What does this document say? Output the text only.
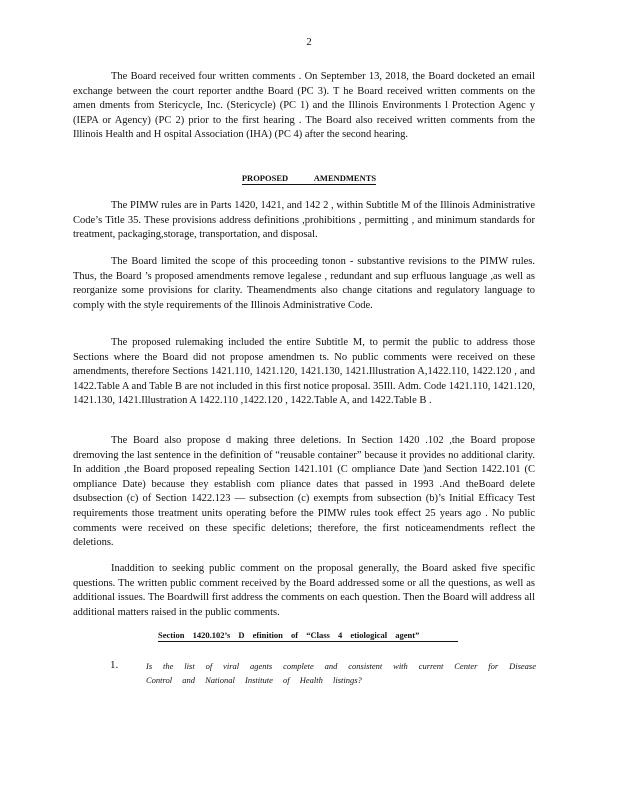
2

The Board received four written comments . On September 13, 2018, the Board docketed an email exchange between the court reporter andthe Board (PC 3). T he Board received written comments on the amen dments from Stericycle, Inc. (Stericycle) (PC 1) and the Illinois Environments l Protection Agenc y (IEPA or Agency) (PC 2) prior to the first hearing . The Board also received written comments from the Illinois Health and H ospital Association (IHA) (PC 4) after the second hearing.

PROPOSED AMENDMENTS

The PIMW rules are in Parts 1420, 1421, and 142 2 , within Subtitle M of the Illinois Administrative Code’s Title 35. These provisions address definitions ,prohibitions , permitting , and minimum standards for treatment, packaging,storage, transportation, and disposal.

The Board limited the scope of this proceeding tonon - substantive revisions to the PIMW rules. Thus, the Board ’s proposed amendments remove legalese , redundant and sup erfluous language ,as well as reorganize some provisions for clarity. Theamendments also change citations and regulatory language to comply with the style requirements of the Illinois Administrative Code.

The proposed rulemaking included the entire Subtitle M, to permit the public to address those Sections where the Board did not propose amendmen ts. No public comments were received on these amendments, therefore Sections 1421.110, 1421.120, 1421.130, 1421.Illustration A,1422.110, 1422.120 , and 1422.Table A and Table B are not included in this first notice proposal. 35Ill. Adm. Code 1421.110, 1421.120, 1421.130, 1421.Illustration A 1422.110 ,1422.120 , 1422.Table A, and 1422.Table B .

The Board also propose d making three deletions. In Section 1420 .102 ,the Board propose dremoving the last sentence in the definition of “reusable container” because it provides no additional clarity. In addition ,the Board proposed repealing Section 1421.101 (C ompliance Date )and Section 1422.101 (C ompliance Date) because they establish com pliance dates that passed in 1993 .And theBoard delete dsubsection (c) of Section 1422.123 — subsection (c) exempts from subsection (b)’s Initial Efficacy Test requirements those treatment units operating before the PIMW rules took effect 25 years ago . No public comments were received on these specific deletions; therefore, the first noticeamendments reflect the deletions.

Inaddition to seeking public comment on the proposal generally, the Board asked five specific questions. The written public comment received by the Board addressed some or all the questions, as well as additional issues. The Boardwill first address the comments on each question. Then the Board will address all additional matters raised in the public comments.

Section 1420.102’s D efinition of “Class 4 etiological agent”
1.	Is the list of viral agents complete and consistent with current Center for Disease Control and National Institute of Health listings?
